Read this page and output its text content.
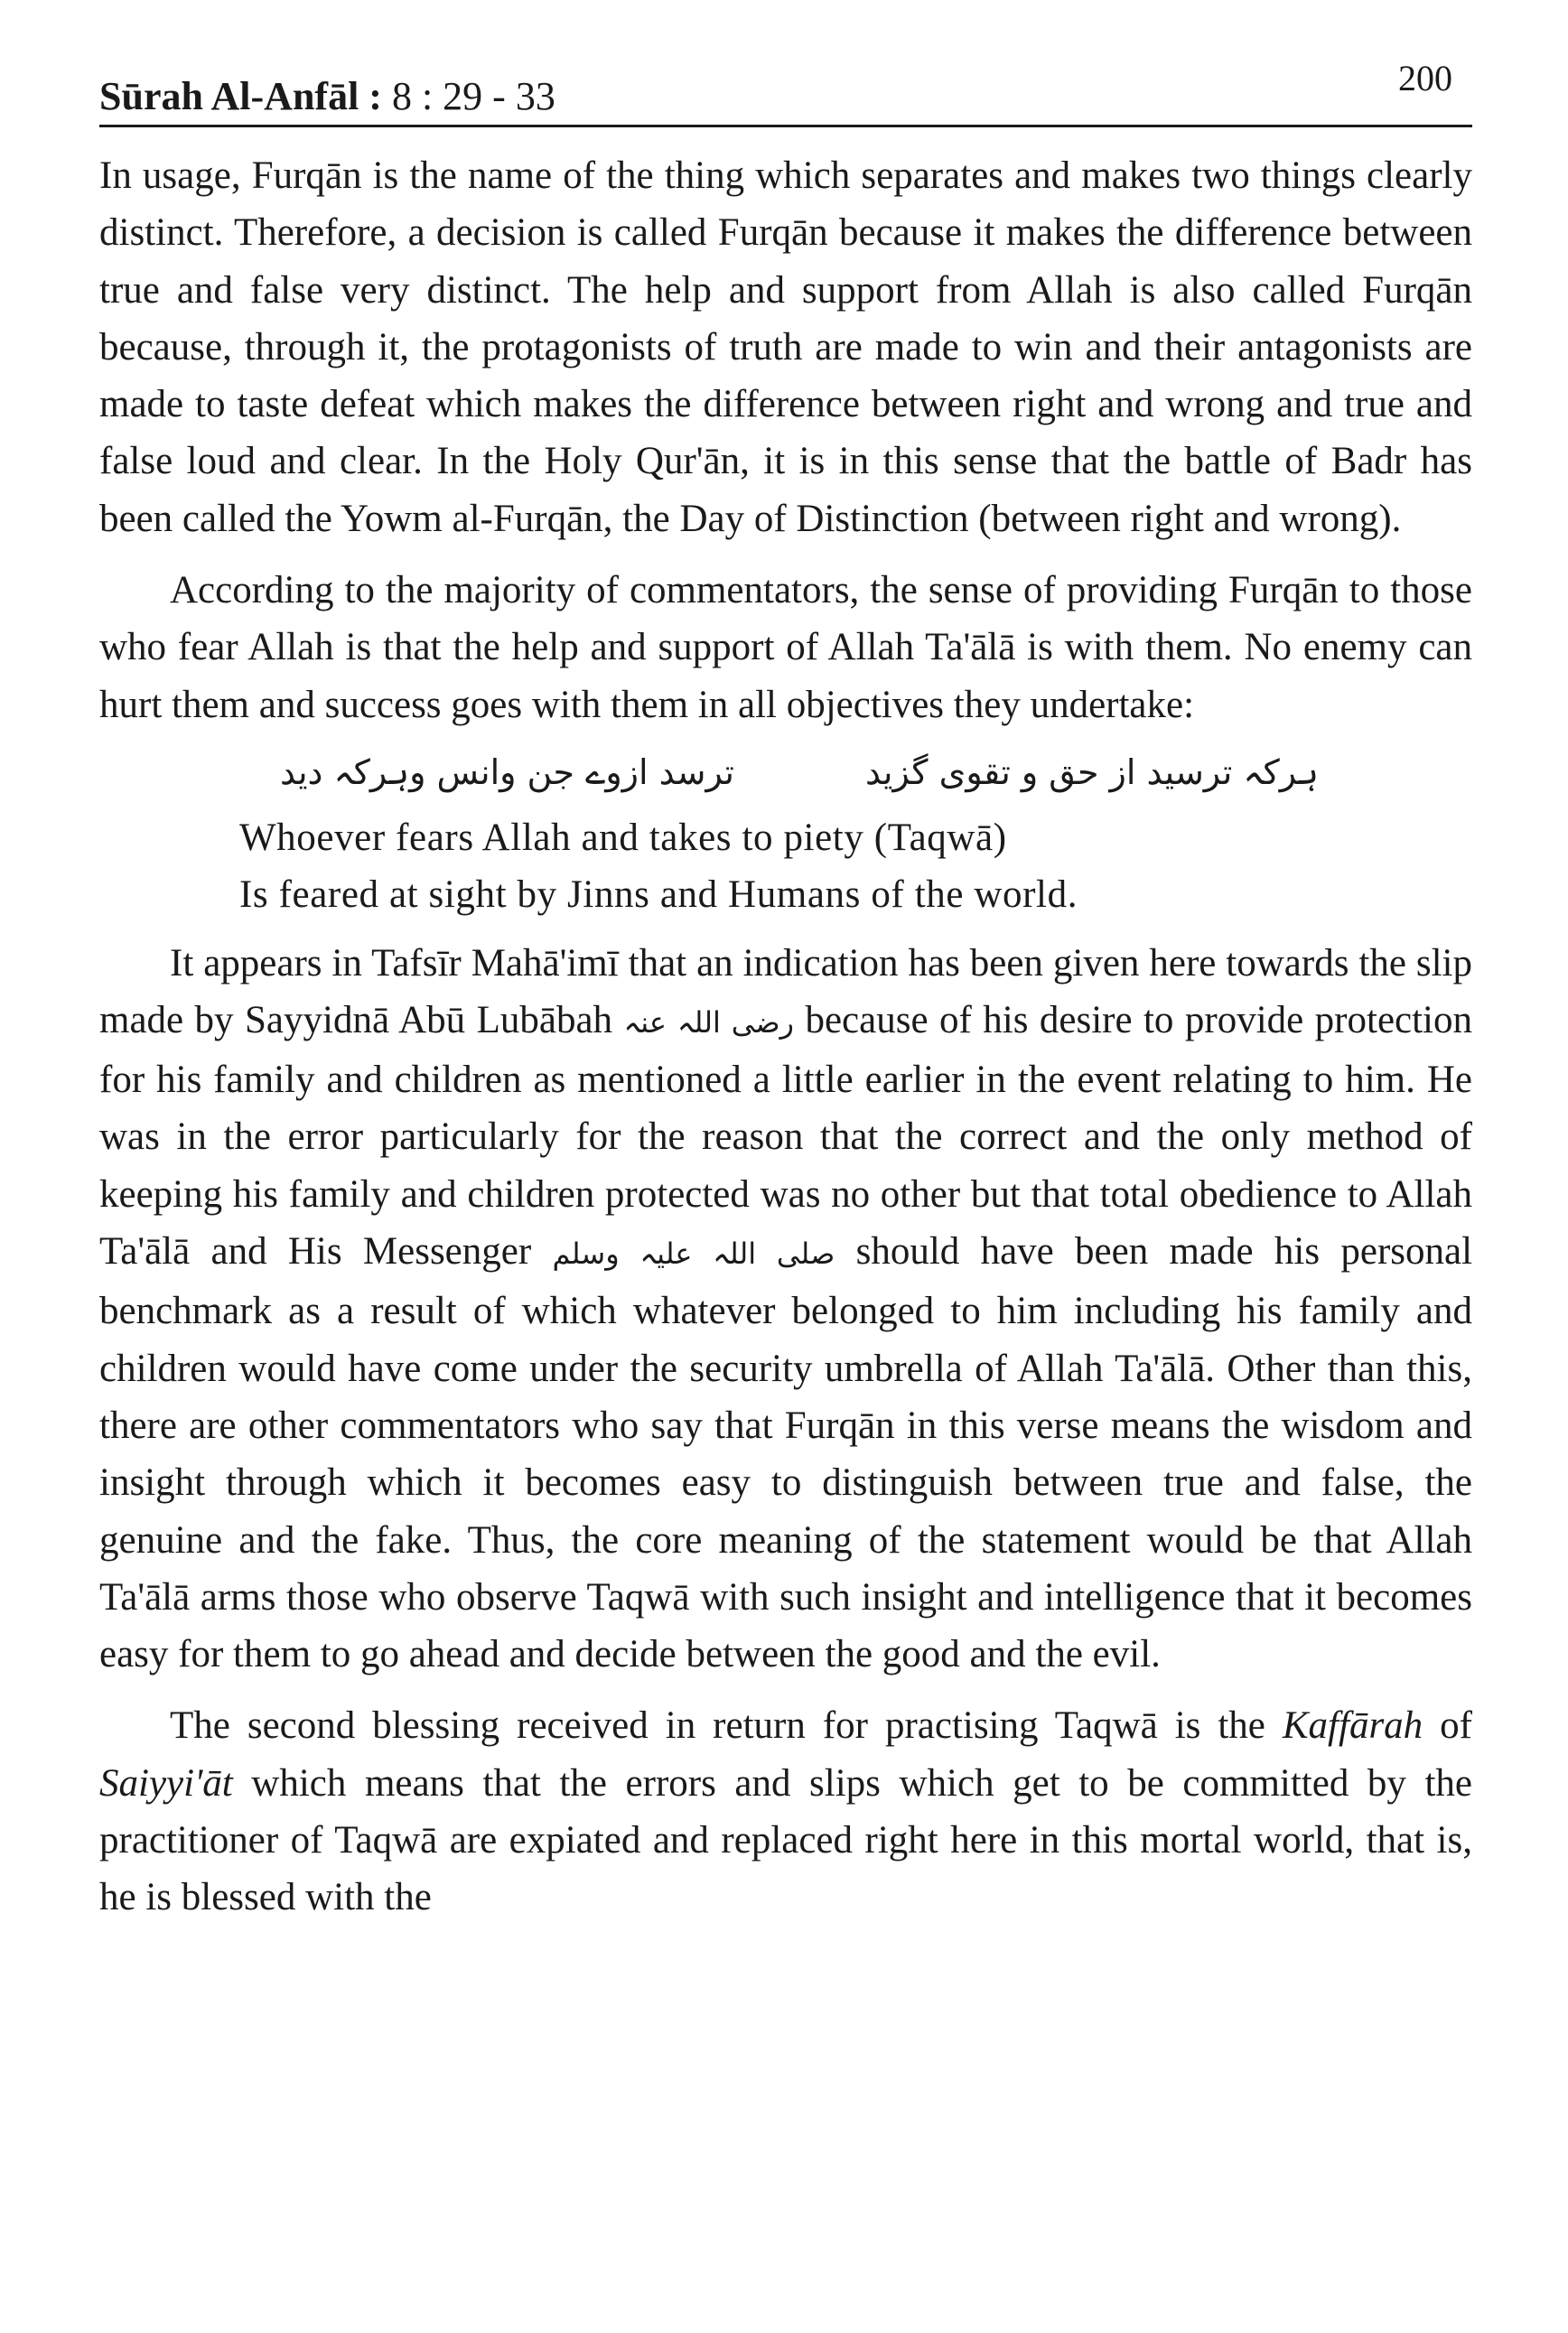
Sūrah Al-Anfāl : 8 : 29 - 33	200

In usage, Furqān is the name of the thing which separates and makes two things clearly distinct. Therefore, a decision is called Furqān because it makes the difference between true and false very distinct. The help and support from Allah is also called Furqān because, through it, the protagonists of truth are made to win and their antagonists are made to taste defeat which makes the difference between right and wrong and true and false loud and clear. In the Holy Qur'ān, it is in this sense that the battle of Badr has been called the Yowm al-Furqān, the Day of Distinction (between right and wrong).

According to the majority of commentators, the sense of providing Furqān to those who fear Allah is that the help and support of Allah Ta'ālā is with them. No enemy can hurt them and success goes with them in all objectives they undertake:

ہرکہ ترسید از حق و تقوی گزید
ترسد ازوے جن وانس وہرکہ دید
Whoever fears Allah and takes to piety (Taqwā)
Is feared at sight by Jinns and Humans of the world.

It appears in Tafsīr Mahā'imī that an indication has been given here towards the slip made by Sayyidnā Abū Lubābah رضی اللہ عنہ because of his desire to provide protection for his family and children as mentioned a little earlier in the event relating to him. He was in the error particularly for the reason that the correct and the only method of keeping his family and children protected was no other but that total obedience to Allah Ta'ālā and His Messenger صلی اللہ علیہ وسلم should have been made his personal benchmark as a result of which whatever belonged to him including his family and children would have come under the security umbrella of Allah Ta'ālā. Other than this, there are other commentators who say that Furqān in this verse means the wisdom and insight through which it becomes easy to distinguish between true and false, the genuine and the fake. Thus, the core meaning of the statement would be that Allah Ta'ālā arms those who observe Taqwā with such insight and intelligence that it becomes easy for them to go ahead and decide between the good and the evil.

The second blessing received in return for practising Taqwā is the Kaffārah of Saiyyi'āt which means that the errors and slips which get to be committed by the practitioner of Taqwā are expiated and replaced right here in this mortal world, that is, he is blessed with the
